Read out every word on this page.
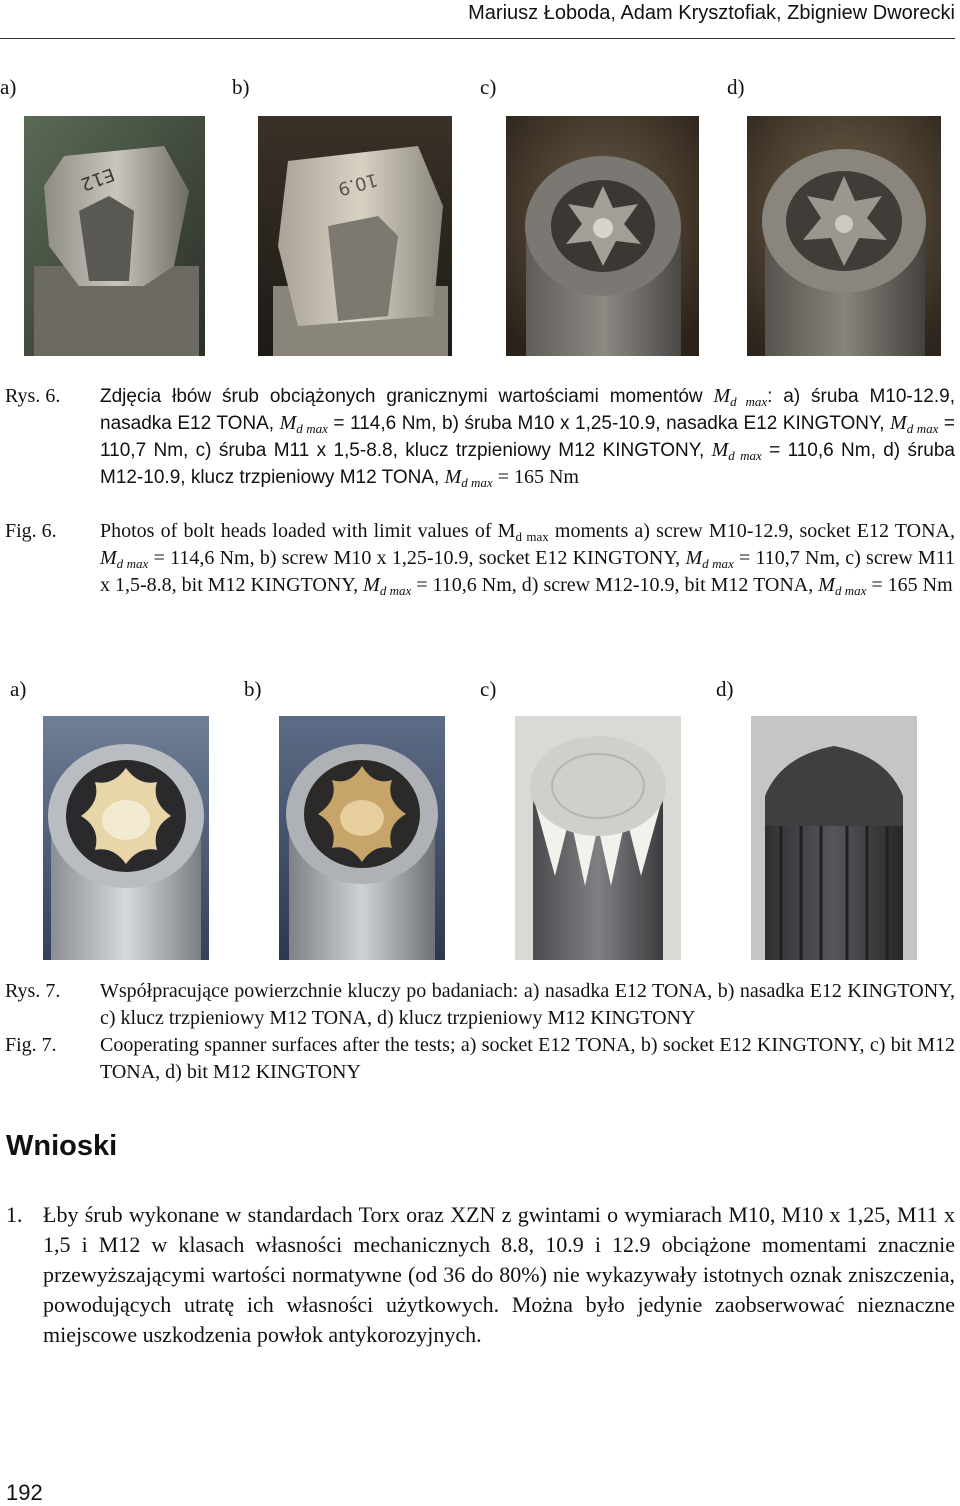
Mariusz Łoboda, Adam Krysztofiak, Zbigniew Dworecki
a)	b)	c)	d)
E12	10.9
Rys. 6. Zdjęcia łbów śrub obciążonych granicznymi wartościami momentów $M_{d max}$: a) śruba M10-12.9, nasadka E12 TONA, $M_{d max} = 114,6$ Nm, b) śruba M10 x 1,25-10.9, nasadka E12 KINGTONY, $M_{d max} = 110,7$ Nm, c) śruba M11 x 1,5-8.8, klucz trzpieniowy M12 KINGTONY, $M_{d max} = 110,6$ Nm, d) śruba M12-10.9, klucz trzpieniowy M12 TONA, $M_{d max} = 165$ Nm
Fig. 6. Photos of bolt heads loaded with limit values of $M_{d max}$ moments a) screw M10-12.9, socket E12 TONA, $M_{d max} = 114,6$ Nm, b) screw M10 x 1,25-10.9, socket E12 KINGTONY, $M_{d max} = 110,7$ Nm, c) screw M11 x 1,5-8.8, bit M12 KINGTONY, $M_{d max} = 110,6$ Nm, d) screw M12-10.9, bit M12 TONA, $M_{d max} = 165$ Nm
a)	b)	c)	d)
Rys. 7. Współpracujące powierzchnie kluczy po badaniach: a) nasadka E12 TONA, b) nasadka E12 KINGTONY, c) klucz trzpieniowy M12 TONA, d) klucz trzpieniowy M12 KINGTONY
Fig. 7. Cooperating spanner surfaces after the tests; a) socket E12 TONA, b) socket E12 KINGTONY, c) bit M12 TONA, d) bit M12 KINGTONY
Wnioski
1. Łby śrub wykonane w standardach Torx oraz XZN z gwintami o wymiarach M10, M10 x 1,25, M11 x 1,5 i M12 w klasach własności mechanicznych 8.8, 10.9 i 12.9 obciążone momentami znacznie przewyższającymi wartości normatywne (od 36 do 80%) nie wykazywały istotnych oznak zniszczenia, powodujących utratę ich własności użytkowych. Można było jedynie zaobserwować nieznaczne miejscowe uszkodzenia powłok antykorozyjnych.
192
